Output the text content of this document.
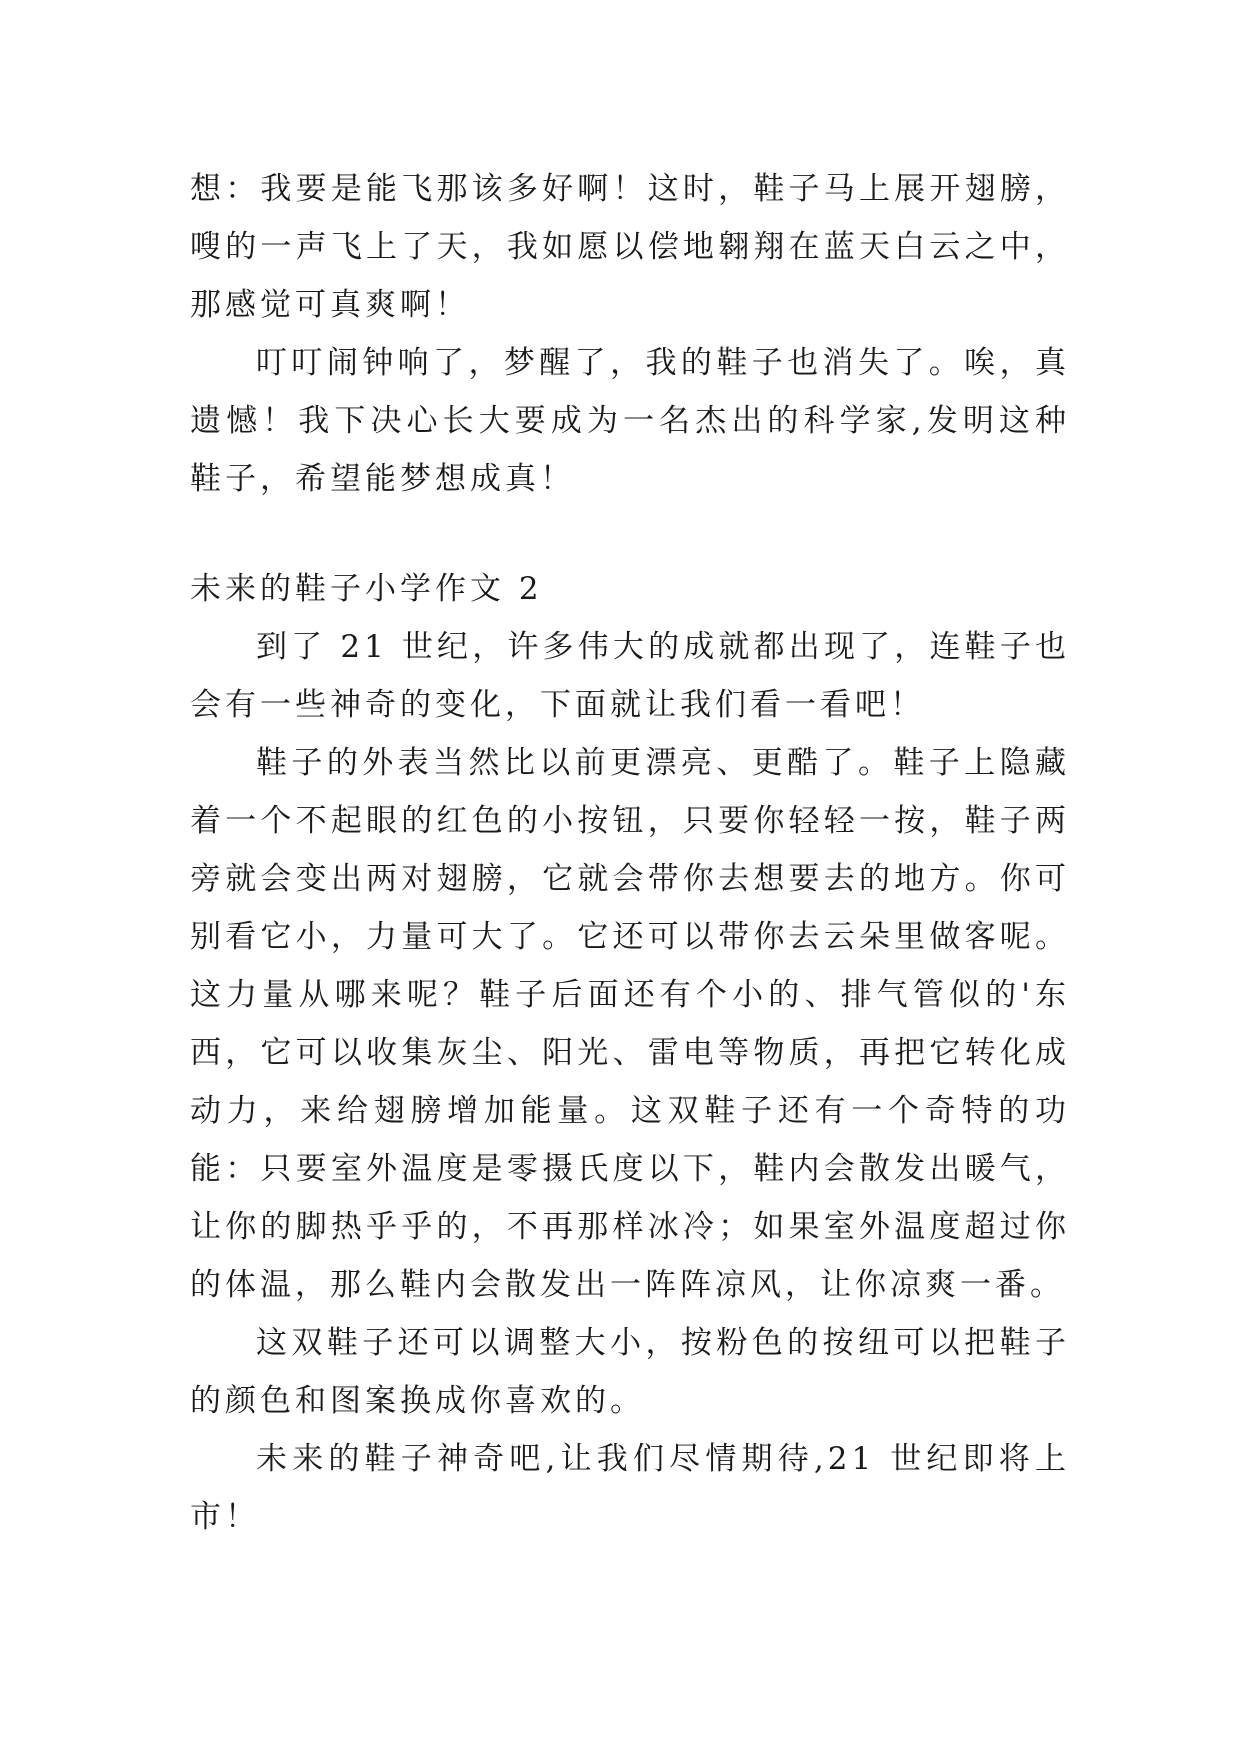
想：我要是能飞那该多好啊！这时，鞋子马上展开翅膀，嗖的一声飞上了天，我如愿以偿地翱翔在蓝天白云之中，那感觉可真爽啊！

叮叮闹钟响了，梦醒了，我的鞋子也消失了。唉，真遗憾！我下决心长大要成为一名杰出的科学家,发明这种鞋子，希望能梦想成真！

未来的鞋子小学作文 2

到了 21 世纪，许多伟大的成就都出现了，连鞋子也会有一些神奇的变化，下面就让我们看一看吧！

鞋子的外表当然比以前更漂亮、更酷了。鞋子上隐藏着一个不起眼的红色的小按钮，只要你轻轻一按，鞋子两旁就会变出两对翅膀，它就会带你去想要去的地方。你可别看它小，力量可大了。它还可以带你去云朵里做客呢。这力量从哪来呢？鞋子后面还有个小的、排气管似的'东西，它可以收集灰尘、阳光、雷电等物质，再把它转化成动力，来给翅膀增加能量。这双鞋子还有一个奇特的功能：只要室外温度是零摄氏度以下，鞋内会散发出暖气，让你的脚热乎乎的，不再那样冰冷；如果室外温度超过你的体温，那么鞋内会散发出一阵阵凉风，让你凉爽一番。

这双鞋子还可以调整大小，按粉色的按纽可以把鞋子的颜色和图案换成你喜欢的。

未来的鞋子神奇吧,让我们尽情期待,21 世纪即将上市！
